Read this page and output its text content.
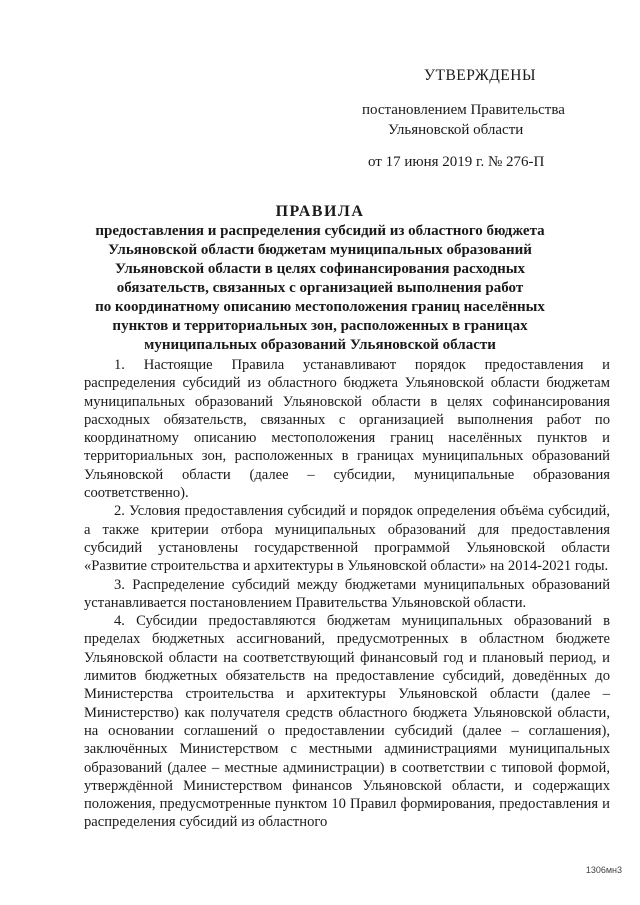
УТВЕРЖДЕНЫ
постановлением Правительства
Ульяновской области
от 17 июня 2019 г. № 276-П
ПРАВИЛА
предоставления и распределения субсидий из областного бюджета
Ульяновской области бюджетам муниципальных образований
Ульяновской области в целях софинансирования расходных
обязательств, связанных с организацией выполнения работ
по координатному описанию местоположения границ населённых
пунктов и территориальных зон, расположенных в границах
муниципальных образований Ульяновской области

1. Настоящие Правила устанавливают порядок предоставления и распределения субсидий из областного бюджета Ульяновской области бюджетам муниципальных образований Ульяновской области в целях софинансирования расходных обязательств, связанных с организацией выполнения работ по координатному описанию местоположения границ населённых пунктов и территориальных зон, расположенных в границах муниципальных образований Ульяновской области (далее – субсидии, муниципальные образования соответственно).

2. Условия предоставления субсидий и порядок определения объёма субсидий, а также критерии отбора муниципальных образований для предоставления субсидий установлены государственной программой Ульяновской области «Развитие строительства и архитектуры в Ульяновской области» на 2014-2021 годы.

3. Распределение субсидий между бюджетами муниципальных образований устанавливается постановлением Правительства Ульяновской области.

4. Субсидии предоставляются бюджетам муниципальных образований в пределах бюджетных ассигнований, предусмотренных в областном бюджете Ульяновской области на соответствующий финансовый год и плановый период, и лимитов бюджетных обязательств на предоставление субсидий, доведённых до Министерства строительства и архитектуры Ульяновской области (далее – Министерство) как получателя средств областного бюджета Ульяновской области, на основании соглашений о предоставлении субсидий (далее – соглашения), заключённых Министерством с местными администрациями муниципальных образований (далее – местные администрации) в соответствии с типовой формой, утверждённой Министерством финансов Ульяновской области, и содержащих положения, предусмотренные пунктом 10 Правил формирования, предоставления и распределения субсидий из областного

1306мн3
